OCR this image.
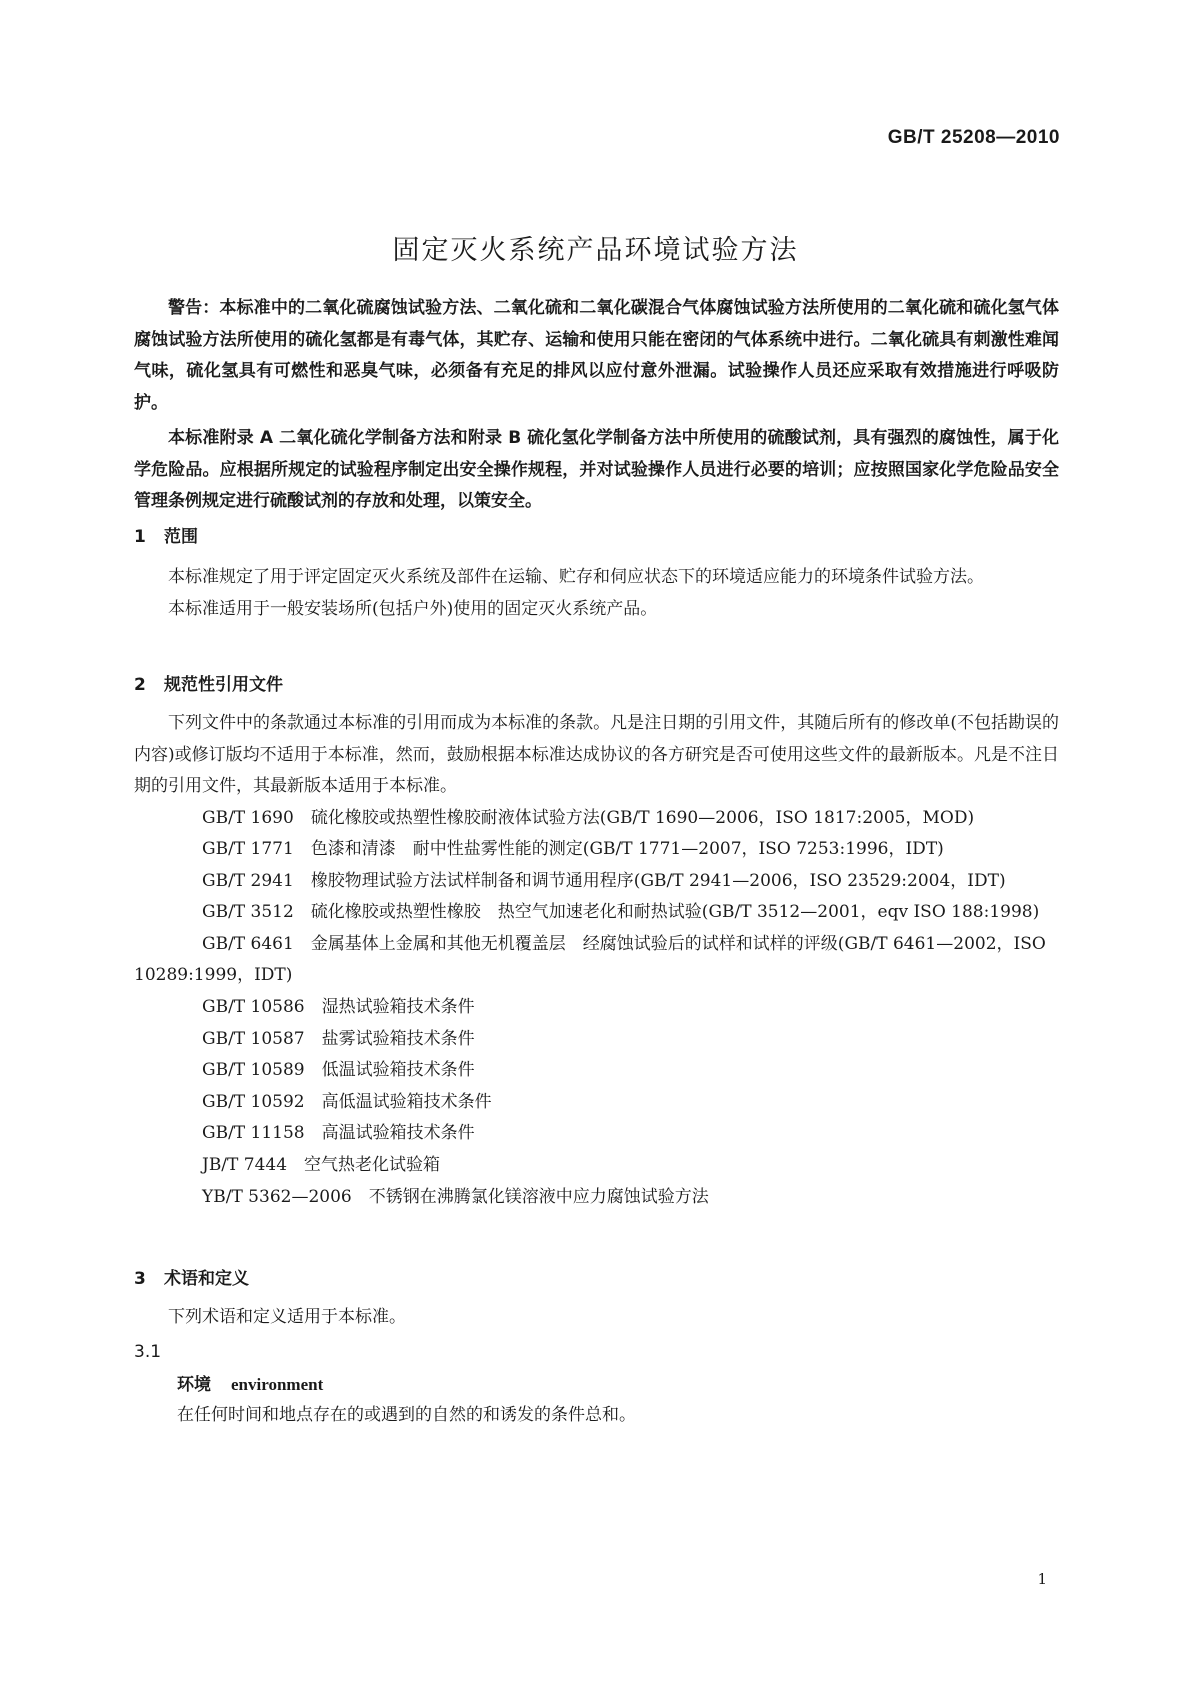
GB/T 25208—2010
固定灭火系统产品环境试验方法

警告：本标准中的二氧化硫腐蚀试验方法、二氧化硫和二氧化碳混合气体腐蚀试验方法所使用的二氧化硫和硫化氢气体腐蚀试验方法所使用的硫化氢都是有毒气体，其贮存、运输和使用只能在密闭的气体系统中进行。二氧化硫具有刺激性难闻气味，硫化氢具有可燃性和恶臭气味，必须备有充足的排风以应付意外泄漏。试验操作人员还应采取有效措施进行呼吸防护。

本标准附录 A 二氧化硫化学制备方法和附录 B 硫化氢化学制备方法中所使用的硫酸试剂，具有强烈的腐蚀性，属于化学危险品。应根据所规定的试验程序制定出安全操作规程，并对试验操作人员进行必要的培训；应按照国家化学危险品安全管理条例规定进行硫酸试剂的存放和处理，以策安全。

1 范围

本标准规定了用于评定固定灭火系统及部件在运输、贮存和伺应状态下的环境适应能力的环境条件试验方法。

本标准适用于一般安装场所(包括户外)使用的固定灭火系统产品。

2 规范性引用文件

下列文件中的条款通过本标准的引用而成为本标准的条款。凡是注日期的引用文件，其随后所有的修改单(不包括勘误的内容)或修订版均不适用于本标准，然而，鼓励根据本标准达成协议的各方研究是否可使用这些文件的最新版本。凡是不注日期的引用文件，其最新版本适用于本标准。

GB/T 1690  硫化橡胶或热塑性橡胶耐液体试验方法(GB/T 1690—2006，ISO 1817:2005，MOD)

GB/T 1771  色漆和清漆　耐中性盐雾性能的测定(GB/T 1771—2007，ISO 7253:1996，IDT)

GB/T 2941  橡胶物理试验方法试样制备和调节通用程序(GB/T 2941—2006，ISO 23529:2004，IDT)

GB/T 3512  硫化橡胶或热塑性橡胶　热空气加速老化和耐热试验(GB/T 3512—2001，eqv ISO 188:1998)

GB/T 6461  金属基体上金属和其他无机覆盖层　经腐蚀试验后的试样和试样的评级(GB/T 6461—2002，ISO 10289:1999，IDT)

GB/T 10586  湿热试验箱技术条件

GB/T 10587  盐雾试验箱技术条件

GB/T 10589  低温试验箱技术条件

GB/T 10592  高低温试验箱技术条件

GB/T 11158  高温试验箱技术条件

JB/T 7444  空气热老化试验箱

YB/T 5362—2006  不锈钢在沸腾氯化镁溶液中应力腐蚀试验方法

3 术语和定义

下列术语和定义适用于本标准。

3.1
环境 environment

在任何时间和地点存在的或遇到的自然的和诱发的条件总和。

1
